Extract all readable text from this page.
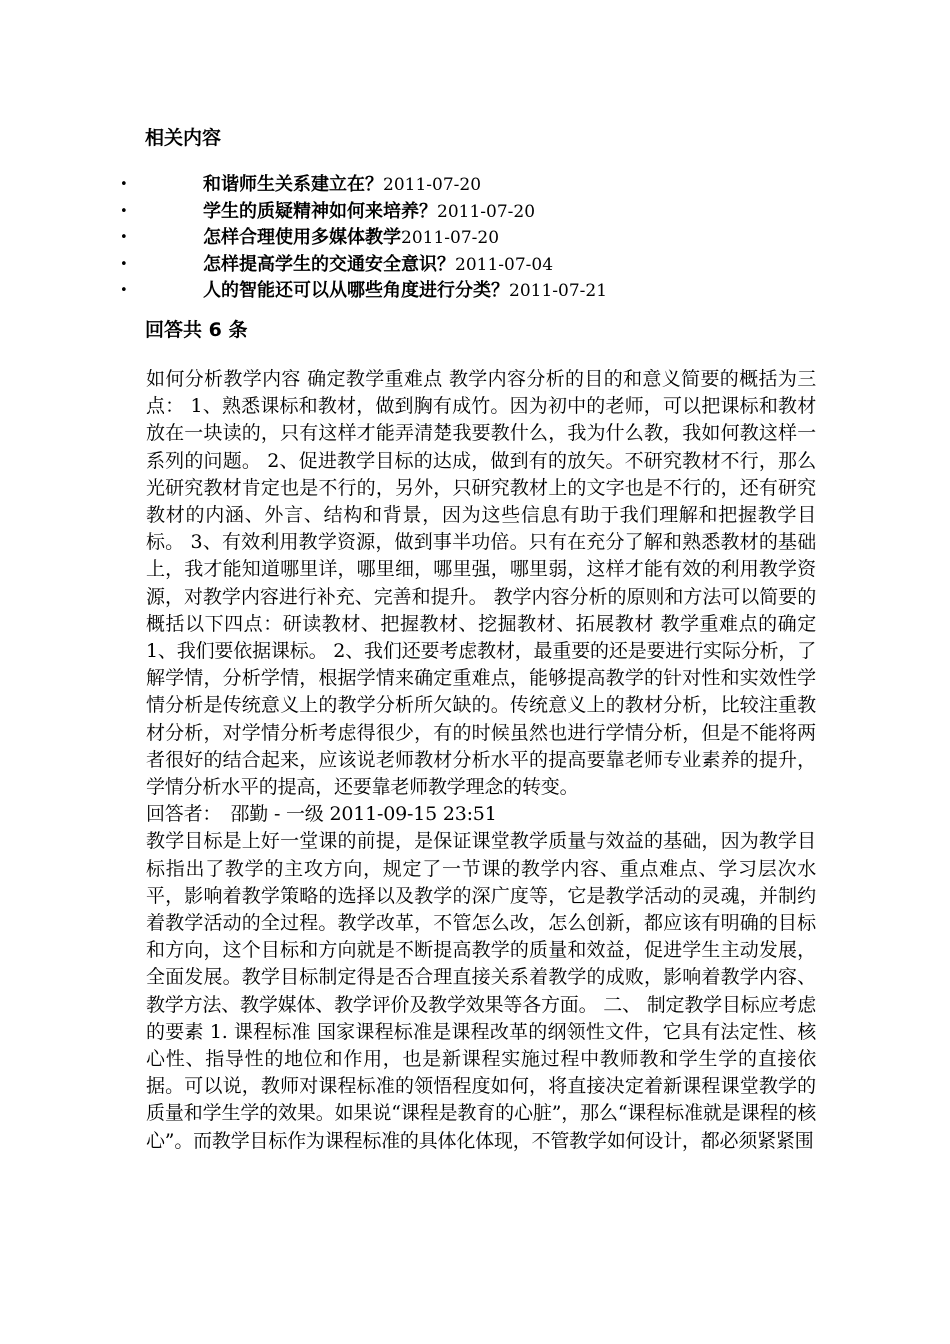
相关内容
•	和谐师生关系建立在？2011-07-20
•	学生的质疑精神如何来培养？2011-07-20
•	怎样合理使用多媒体教学2011-07-20
•	怎样提高学生的交通安全意识？2011-07-04
•	人的智能还可以从哪些角度进行分类？2011-07-21
回答共 6 条

如何分析教学内容 确定教学重难点 教学内容分析的目的和意义简要的概括为三点： 1、熟悉课标和教材，做到胸有成竹。因为初中的老师，可以把课标和教材放在一块读的，只有这样才能弄清楚我要教什么，我为什么教，我如何教这样一系列的问题。 2、促进教学目标的达成，做到有的放矢。不研究教材不行，那么光研究教材肯定也是不行的，另外，只研究教材上的文字也是不行的，还有研究教材的内涵、外言、结构和背景，因为这些信息有助于我们理解和把握教学目标。 3、有效利用教学资源，做到事半功倍。只有在充分了解和熟悉教材的基础上，我才能知道哪里详，哪里细，哪里强，哪里弱，这样才能有效的利用教学资源，对教学内容进行补充、完善和提升。 教学内容分析的原则和方法可以简要的概括以下四点：研读教材、把握教材、挖掘教材、拓展教材 教学重难点的确定 1、我们要依据课标。 2、我们还要考虑教材，最重要的还是要进行实际分析，了解学情，分析学情，根据学情来确定重难点，能够提高教学的针对性和实效性学情分析是传统意义上的教学分析所欠缺的。传统意义上的教材分析，比较注重教材分析，对学情分析考虑得很少，有的时候虽然也进行学情分析，但是不能将两者很好的结合起来，应该说老师教材分析水平的提高要靠老师专业素养的提升，学情分析水平的提高，还要靠老师教学理念的转变。

回答者：　邵勤 - 一级 2011-09-15 23:51

教学目标是上好一堂课的前提，是保证课堂教学质量与效益的基础，因为教学目标指出了教学的主攻方向，规定了一节课的教学内容、重点难点、学习层次水平，影响着教学策略的选择以及教学的深广度等，它是教学活动的灵魂，并制约着教学活动的全过程。教学改革，不管怎么改，怎么创新，都应该有明确的目标和方向，这个目标和方向就是不断提高教学的质量和效益，促进学生主动发展，全面发展。教学目标制定得是否合理直接关系着教学的成败，影响着教学内容、教学方法、教学媒体、教学评价及教学效果等各方面。 二、 制定教学目标应考虑的要素 1. 课程标准 国家课程标准是课程改革的纲领性文件，它具有法定性、核心性、指导性的地位和作用，也是新课程实施过程中教师教和学生学的直接依据。可以说，教师对课程标准的领悟程度如何，将直接决定着新课程课堂教学的质量和学生学的效果。如果说“课程是教育的心脏”，那么“课程标准就是课程的核心”。而教学目标作为课程标准的具体化体现，不管教学如何设计，都必须紧紧围
